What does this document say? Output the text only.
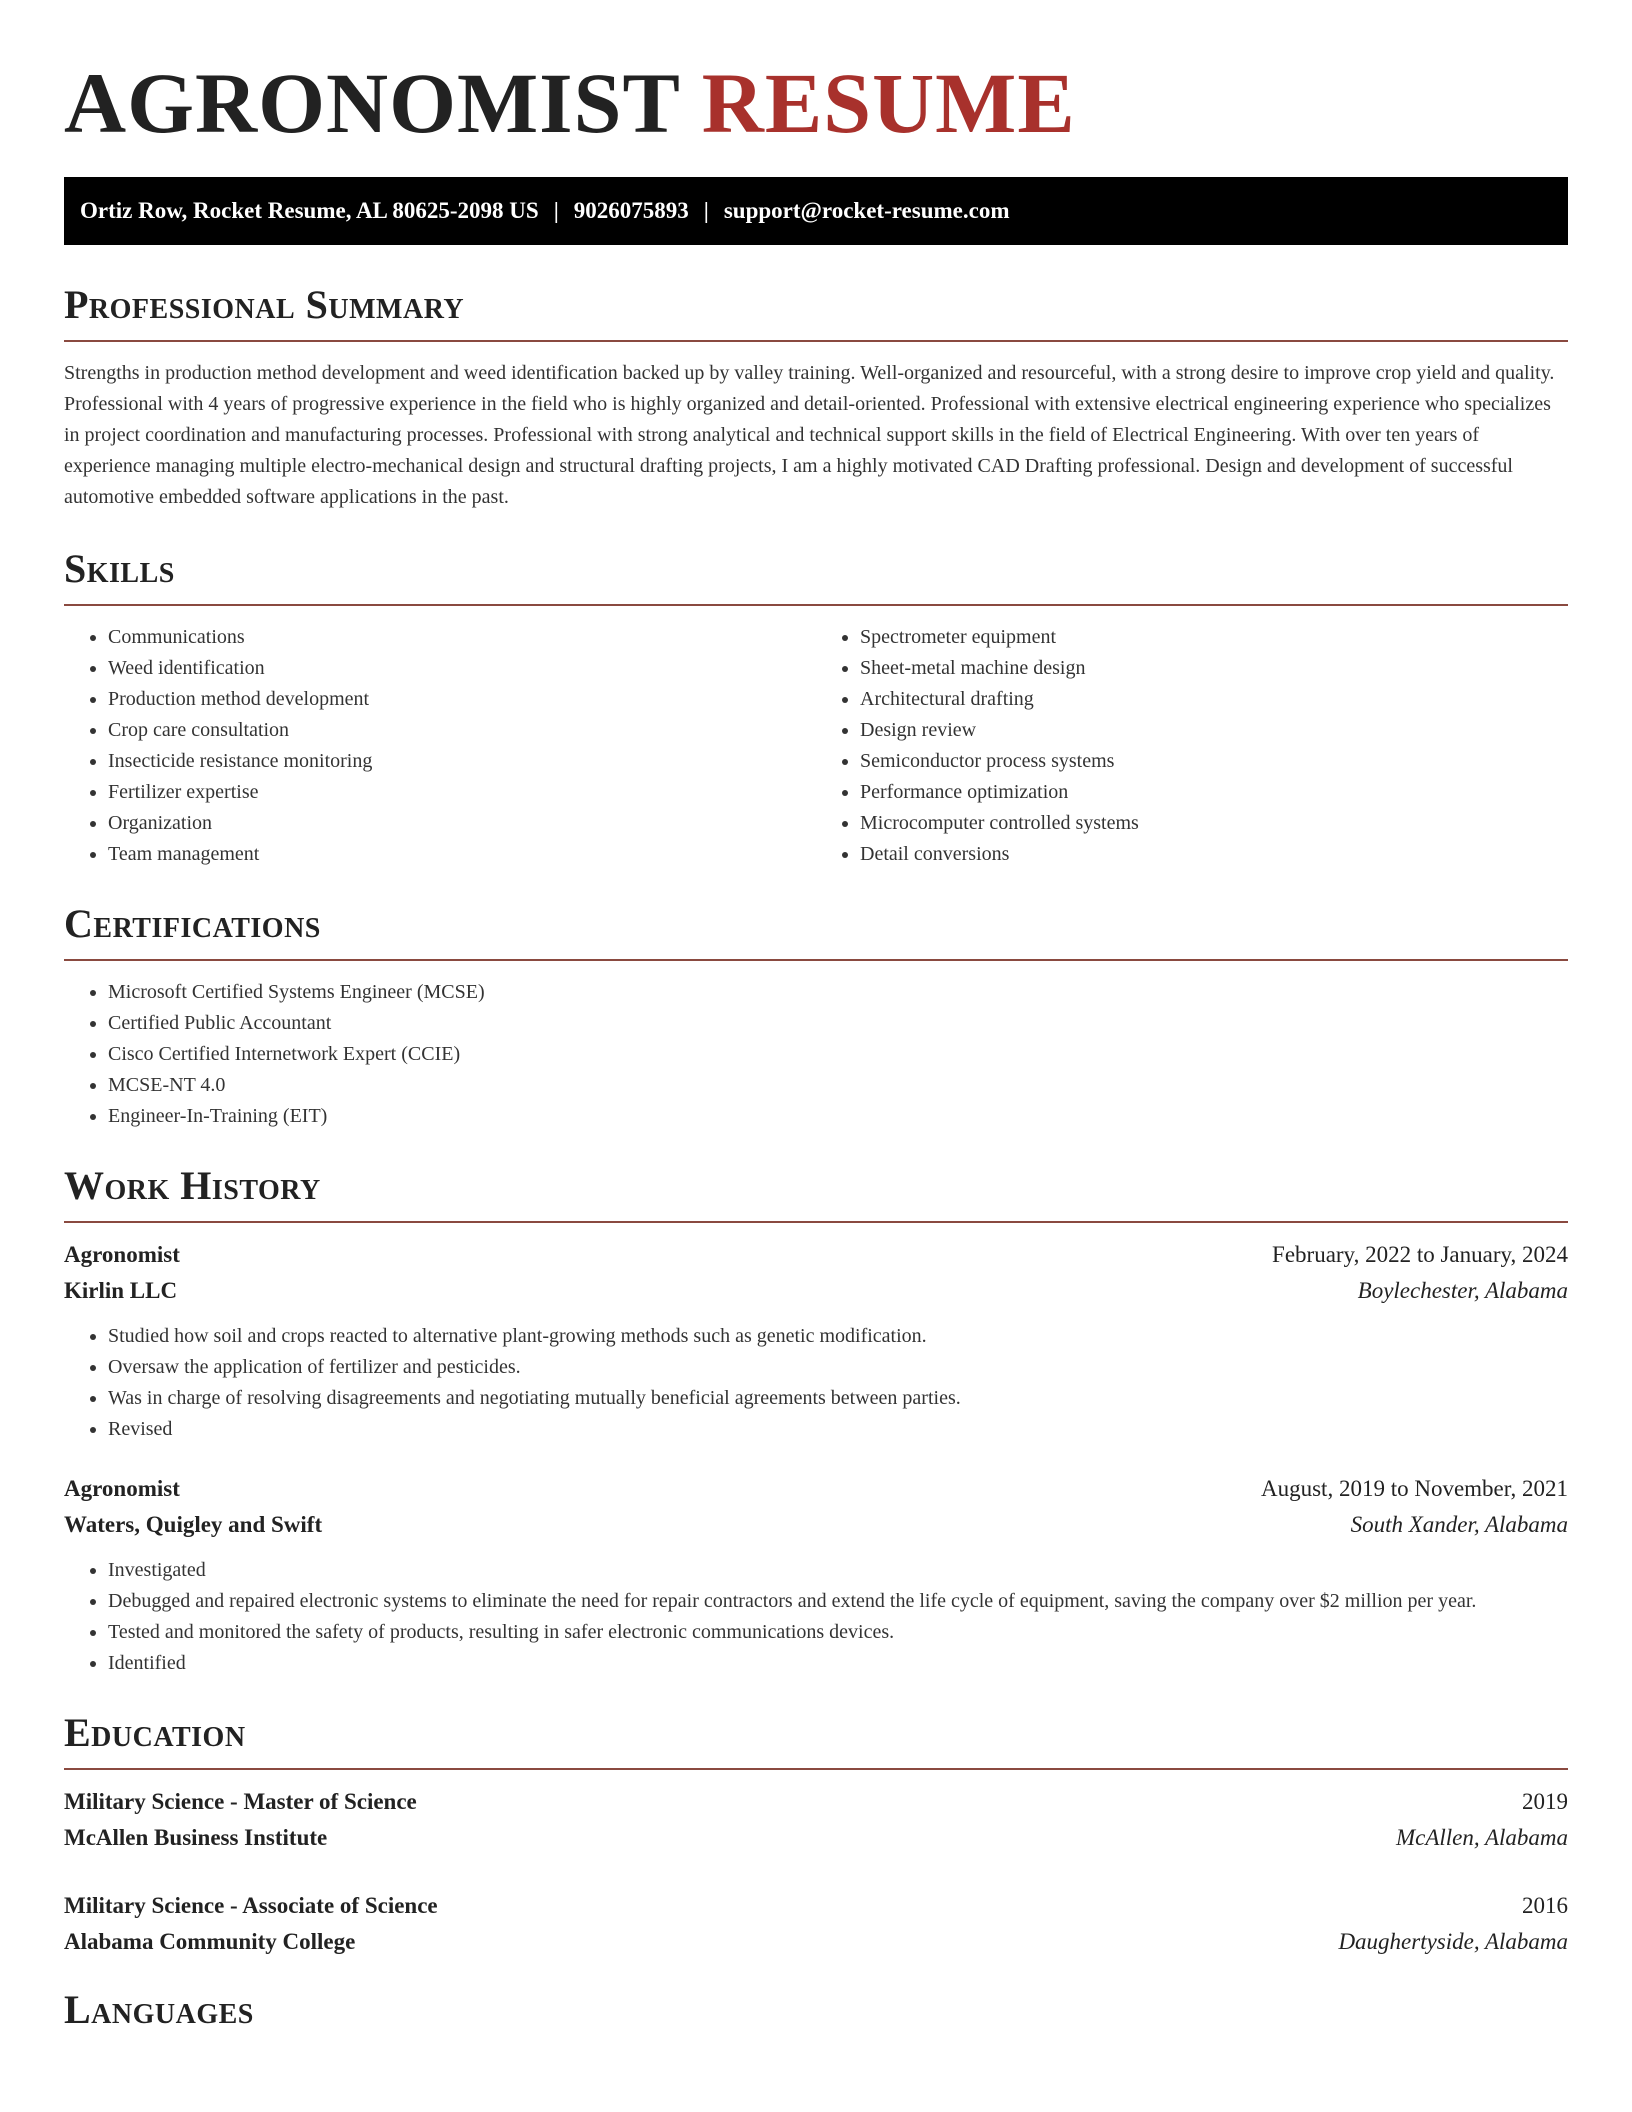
AGRONOMIST RESUME
Ortiz Row, Rocket Resume, AL 80625-2098 US | 9026075893 | support@rocket-resume.com
Professional Summary

Strengths in production method development and weed identification backed up by valley training. Well-organized and resourceful, with a strong desire to improve crop yield and quality. Professional with 4 years of progressive experience in the field who is highly organized and detail-oriented. Professional with extensive electrical engineering experience who specializes in project coordination and manufacturing processes. Professional with strong analytical and technical support skills in the field of Electrical Engineering. With over ten years of experience managing multiple electro-mechanical design and structural drafting projects, I am a highly motivated CAD Drafting professional. Design and development of successful automotive embedded software applications in the past.

Skills
• Communications
• Weed identification
• Production method development
• Crop care consultation
• Insecticide resistance monitoring
• Fertilizer expertise
• Organization
• Team management
• Spectrometer equipment
• Sheet-metal machine design
• Architectural drafting
• Design review
• Semiconductor process systems
• Performance optimization
• Microcomputer controlled systems
• Detail conversions
Certifications
• Microsoft Certified Systems Engineer (MCSE)
• Certified Public Accountant
• Cisco Certified Internetwork Expert (CCIE)
• MCSE-NT 4.0
• Engineer-In-Training (EIT)
Work History
Agronomist	February, 2022 to January, 2024
Kirlin LLC	Boylechester, Alabama
• Studied how soil and crops reacted to alternative plant-growing methods such as genetic modification.
• Oversaw the application of fertilizer and pesticides.
• Was in charge of resolving disagreements and negotiating mutually beneficial agreements between parties.
• Revised
Agronomist	August, 2019 to November, 2021
Waters, Quigley and Swift	South Xander, Alabama
• Investigated
• Debugged and repaired electronic systems to eliminate the need for repair contractors and extend the life cycle of equipment, saving the company over $2 million per year.
• Tested and monitored the safety of products, resulting in safer electronic communications devices.
• Identified
Education
Military Science - Master of Science	2019
McAllen Business Institute	McAllen, Alabama
Military Science - Associate of Science	2016
Alabama Community College	Daughertyside, Alabama
Languages
